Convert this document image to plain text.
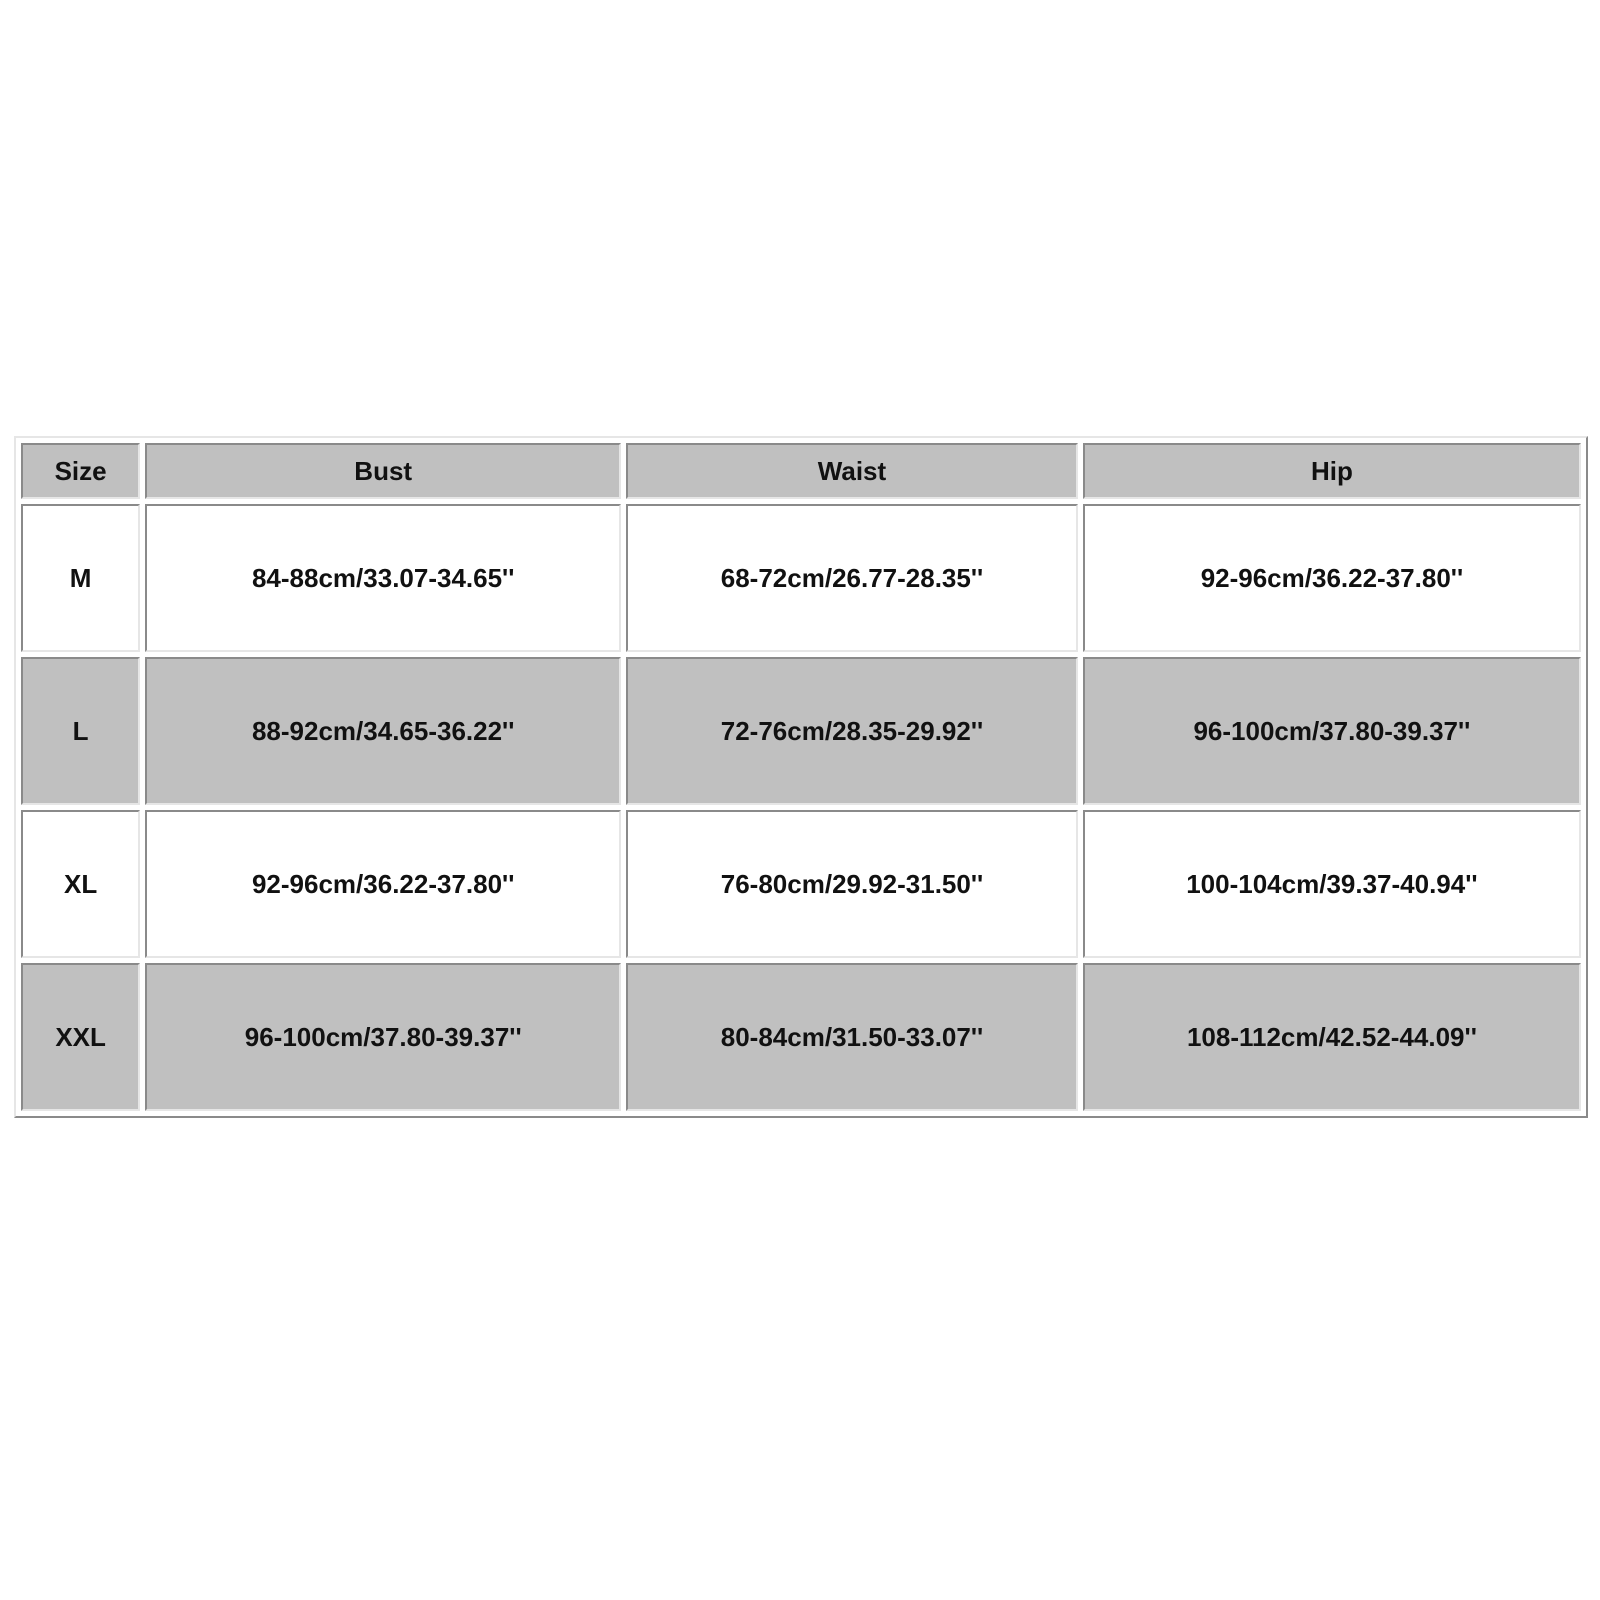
Size	Bust	Waist	Hip
M	84-88cm/33.07-34.65''	68-72cm/26.77-28.35''	92-96cm/36.22-37.80''
L	88-92cm/34.65-36.22''	72-76cm/28.35-29.92''	96-100cm/37.80-39.37''
XL	92-96cm/36.22-37.80''	76-80cm/29.92-31.50''	100-104cm/39.37-40.94''
XXL	96-100cm/37.80-39.37''	80-84cm/31.50-33.07''	108-112cm/42.52-44.09''
